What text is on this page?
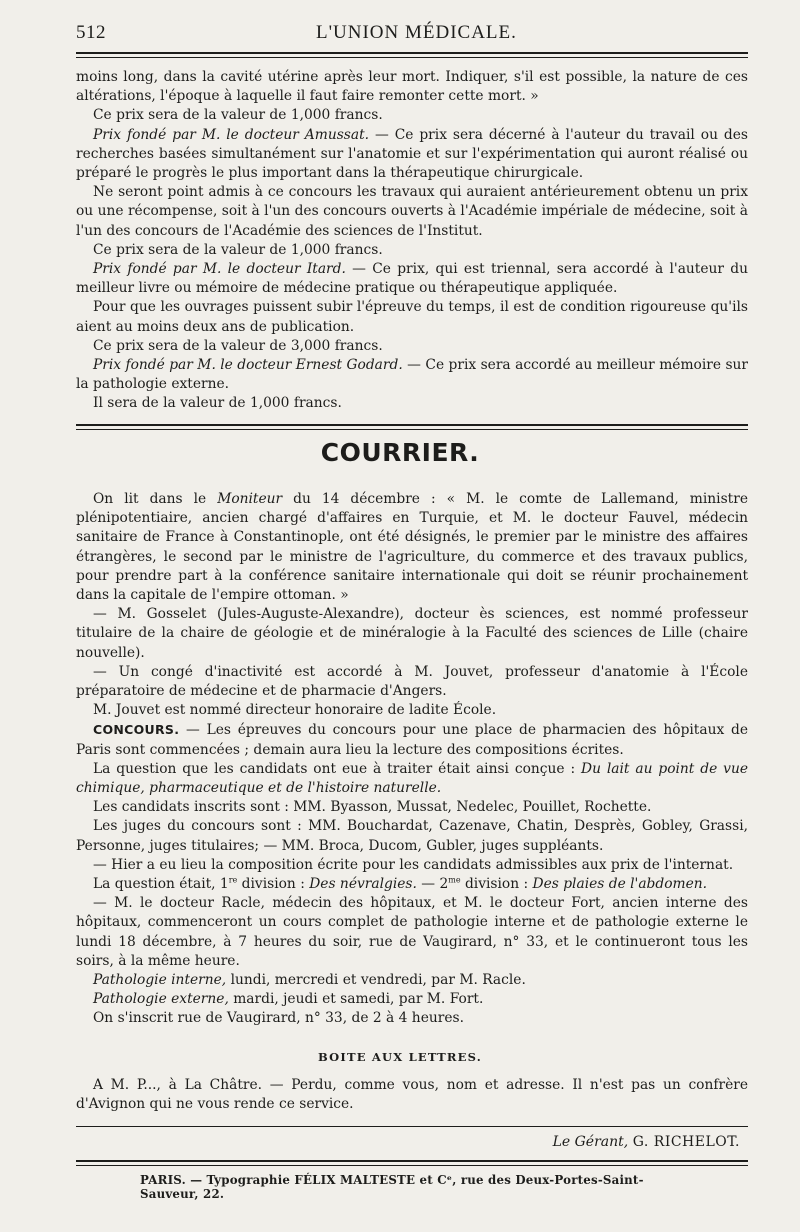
512	L'UNION MÉDICALE.

moins long, dans la cavité utérine après leur mort. Indiquer, s'il est possible, la nature de ces altérations, l'époque à laquelle il faut faire remonter cette mort. »

Ce prix sera de la valeur de 1,000 francs.

Prix fondé par M. le docteur Amussat. — Ce prix sera décerné à l'auteur du travail ou des recherches basées simultanément sur l'anatomie et sur l'expérimentation qui auront réalisé ou préparé le progrès le plus important dans la thérapeutique chirurgicale.

Ne seront point admis à ce concours les travaux qui auraient antérieurement obtenu un prix ou une récompense, soit à l'un des concours ouverts à l'Académie impériale de médecine, soit à l'un des concours de l'Académie des sciences de l'Institut.

Ce prix sera de la valeur de 1,000 francs.

Prix fondé par M. le docteur Itard. — Ce prix, qui est triennal, sera accordé à l'auteur du meilleur livre ou mémoire de médecine pratique ou thérapeutique appliquée.

Pour que les ouvrages puissent subir l'épreuve du temps, il est de condition rigoureuse qu'ils aient au moins deux ans de publication.

Ce prix sera de la valeur de 3,000 francs.

Prix fondé par M. le docteur Ernest Godard. — Ce prix sera accordé au meilleur mémoire sur la pathologie externe.

Il sera de la valeur de 1,000 francs.

COURRIER.

On lit dans le Moniteur du 14 décembre : « M. le comte de Lallemand, ministre plénipotentiaire, ancien chargé d'affaires en Turquie, et M. le docteur Fauvel, médecin sanitaire de France à Constantinople, ont été désignés, le premier par le ministre des affaires étrangères, le second par le ministre de l'agriculture, du commerce et des travaux publics, pour prendre part à la conférence sanitaire internationale qui doit se réunir prochainement dans la capitale de l'empire ottoman. »

— M. Gosselet (Jules-Auguste-Alexandre), docteur ès sciences, est nommé professeur titulaire de la chaire de géologie et de minéralogie à la Faculté des sciences de Lille (chaire nouvelle).

— Un congé d'inactivité est accordé à M. Jouvet, professeur d'anatomie à l'École préparatoire de médecine et de pharmacie d'Angers.

M. Jouvet est nommé directeur honoraire de ladite École.

CONCOURS. — Les épreuves du concours pour une place de pharmacien des hôpitaux de Paris sont commencées ; demain aura lieu la lecture des compositions écrites.

La question que les candidats ont eue à traiter était ainsi conçue : Du lait au point de vue chimique, pharmaceutique et de l'histoire naturelle.

Les candidats inscrits sont : MM. Byasson, Mussat, Nedelec, Pouillet, Rochette.

Les juges du concours sont : MM. Bouchardat, Cazenave, Chatin, Desprès, Gobley, Grassi, Personne, juges titulaires; — MM. Broca, Ducom, Gubler, juges suppléants.

— Hier a eu lieu la composition écrite pour les candidats admissibles aux prix de l'internat.

La question était, 1re division : Des névralgies. — $2^{me}$ division : Des plaies de l'abdomen.

— M. le docteur Racle, médecin des hôpitaux, et M. le docteur Fort, ancien interne des hôpitaux, commenceront un cours complet de pathologie interne et de pathologie externe le lundi 18 décembre, à 7 heures du soir, rue de Vaugirard, n° 33, et le continueront tous les soirs, à la même heure.

Pathologie interne, lundi, mercredi et vendredi, par M. Racle.

Pathologie externe, mardi, jeudi et samedi, par M. Fort.

On s'inscrit rue de Vaugirard, n° 33, de 2 à 4 heures.

BOITE AUX LETTRES.

A M. P..., à La Châtre. — Perdu, comme vous, nom et adresse. Il n'est pas un confrère d'Avignon qui ne vous rende ce service.

Le Gérant, G. RICHELOT.
PARIS. — Typographie FÉLIX MALTESTE et Cᵉ, rue des Deux-Portes-Saint-Sauveur, 22.
